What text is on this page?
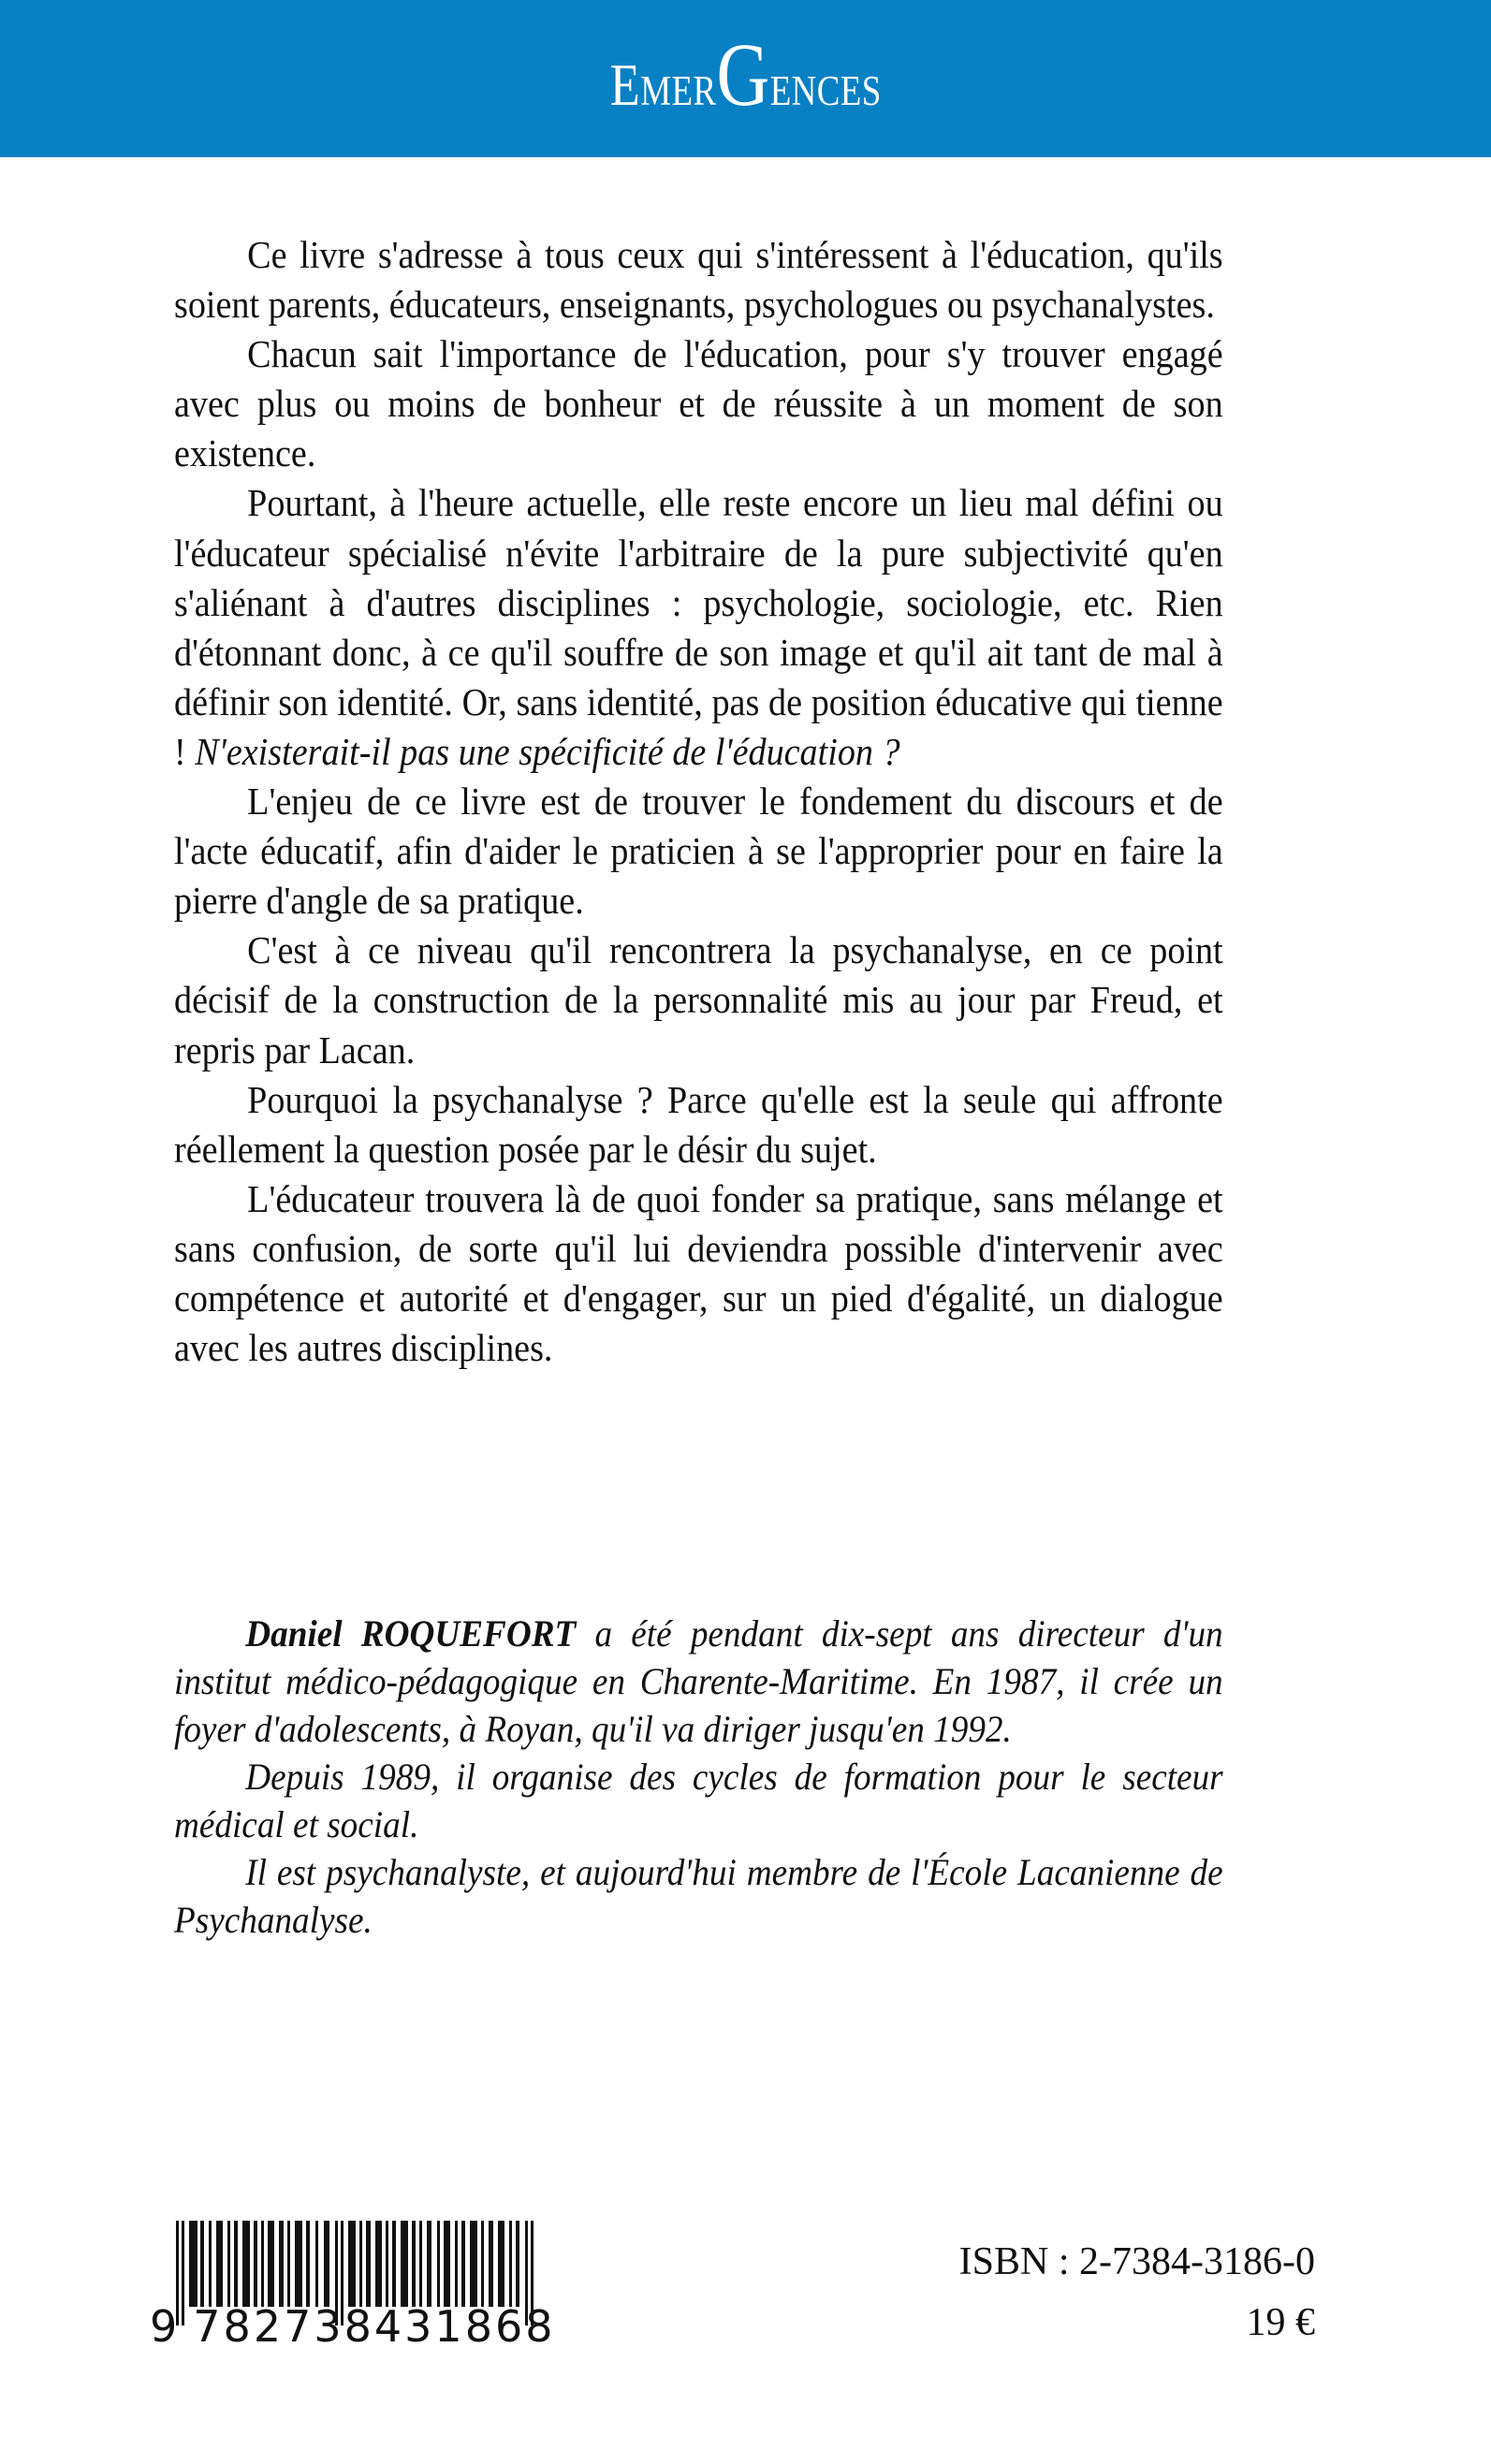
EmerGences

Ce livre s'adresse à tous ceux qui s'intéressent à l'éducation, qu'ils soient parents, éducateurs, enseignants, psychologues ou psychanalystes.

Chacun sait l'importance de l'éducation, pour s'y trouver engagé avec plus ou moins de bonheur et de réussite à un moment de son existence.

Pourtant, à l'heure actuelle, elle reste encore un lieu mal défini ou l'éducateur spécialisé n'évite l'arbitraire de la pure subjectivité qu'en s'aliénant à d'autres disciplines : psychologie, sociologie, etc. Rien d'étonnant donc, à ce qu'il souffre de son image et qu'il ait tant de mal à définir son identité. Or, sans identité, pas de position éducative qui tienne ! N'existerait-il pas une spécificité de l'éducation ?

L'enjeu de ce livre est de trouver le fondement du discours et de l'acte éducatif, afin d'aider le praticien à se l'approprier pour en faire la pierre d'angle de sa pratique.

C'est à ce niveau qu'il rencontrera la psychanalyse, en ce point décisif de la construction de la personnalité mis au jour par Freud, et repris par Lacan.

Pourquoi la psychanalyse ? Parce qu'elle est la seule qui affronte réellement la question posée par le désir du sujet.

L'éducateur trouvera là de quoi fonder sa pratique, sans mélange et sans confusion, de sorte qu'il lui deviendra possible d'intervenir avec compétence et autorité et d'engager, sur un pied d'égalité, un dialogue avec les autres disciplines.

Daniel ROQUEFORT a été pendant dix-sept ans directeur d'un institut médico-pédagogique en Charente-Maritime. En 1987, il crée un foyer d'adolescents, à Royan, qu'il va diriger jusqu'en 1992.

Depuis 1989, il organise des cycles de formation pour le secteur médical et social.

Il est psychanalyste, et aujourd'hui membre de l'École Lacanienne de Psychanalyse.

9 782738431868
ISBN : 2-7384-3186-0
19 €
